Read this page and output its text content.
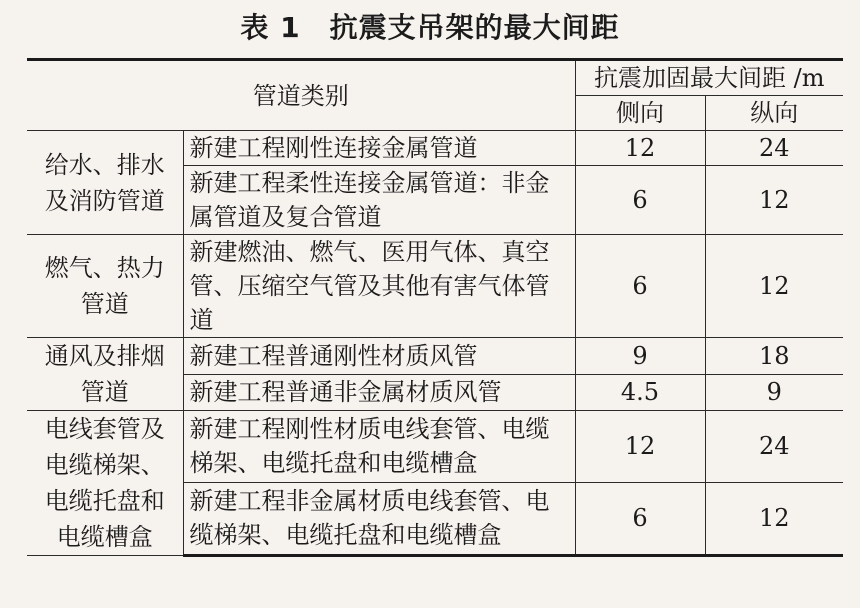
表 1　抗震支吊架的最大间距
管道类别		抗震加固最大间距 /m	
		侧向	纵向
给水、排水及消防管道	新建工程刚性连接金属管道	12	24
	新建工程柔性连接金属管道：非金属管道及复合管道	6	12
燃气、热力管道	新建燃油、燃气、医用气体、真空管、压缩空气管及其他有害气体管道	6	12
通风及排烟管道	新建工程普通刚性材质风管	9	18
	新建工程普通非金属材质风管	4.5	9
电线套管及电缆梯架、电缆托盘和电缆槽盒	新建工程刚性材质电线套管、电缆梯架、电缆托盘和电缆槽盒	12	24
	新建工程非金属材质电线套管、电缆梯架、电缆托盘和电缆槽盒	6	12
